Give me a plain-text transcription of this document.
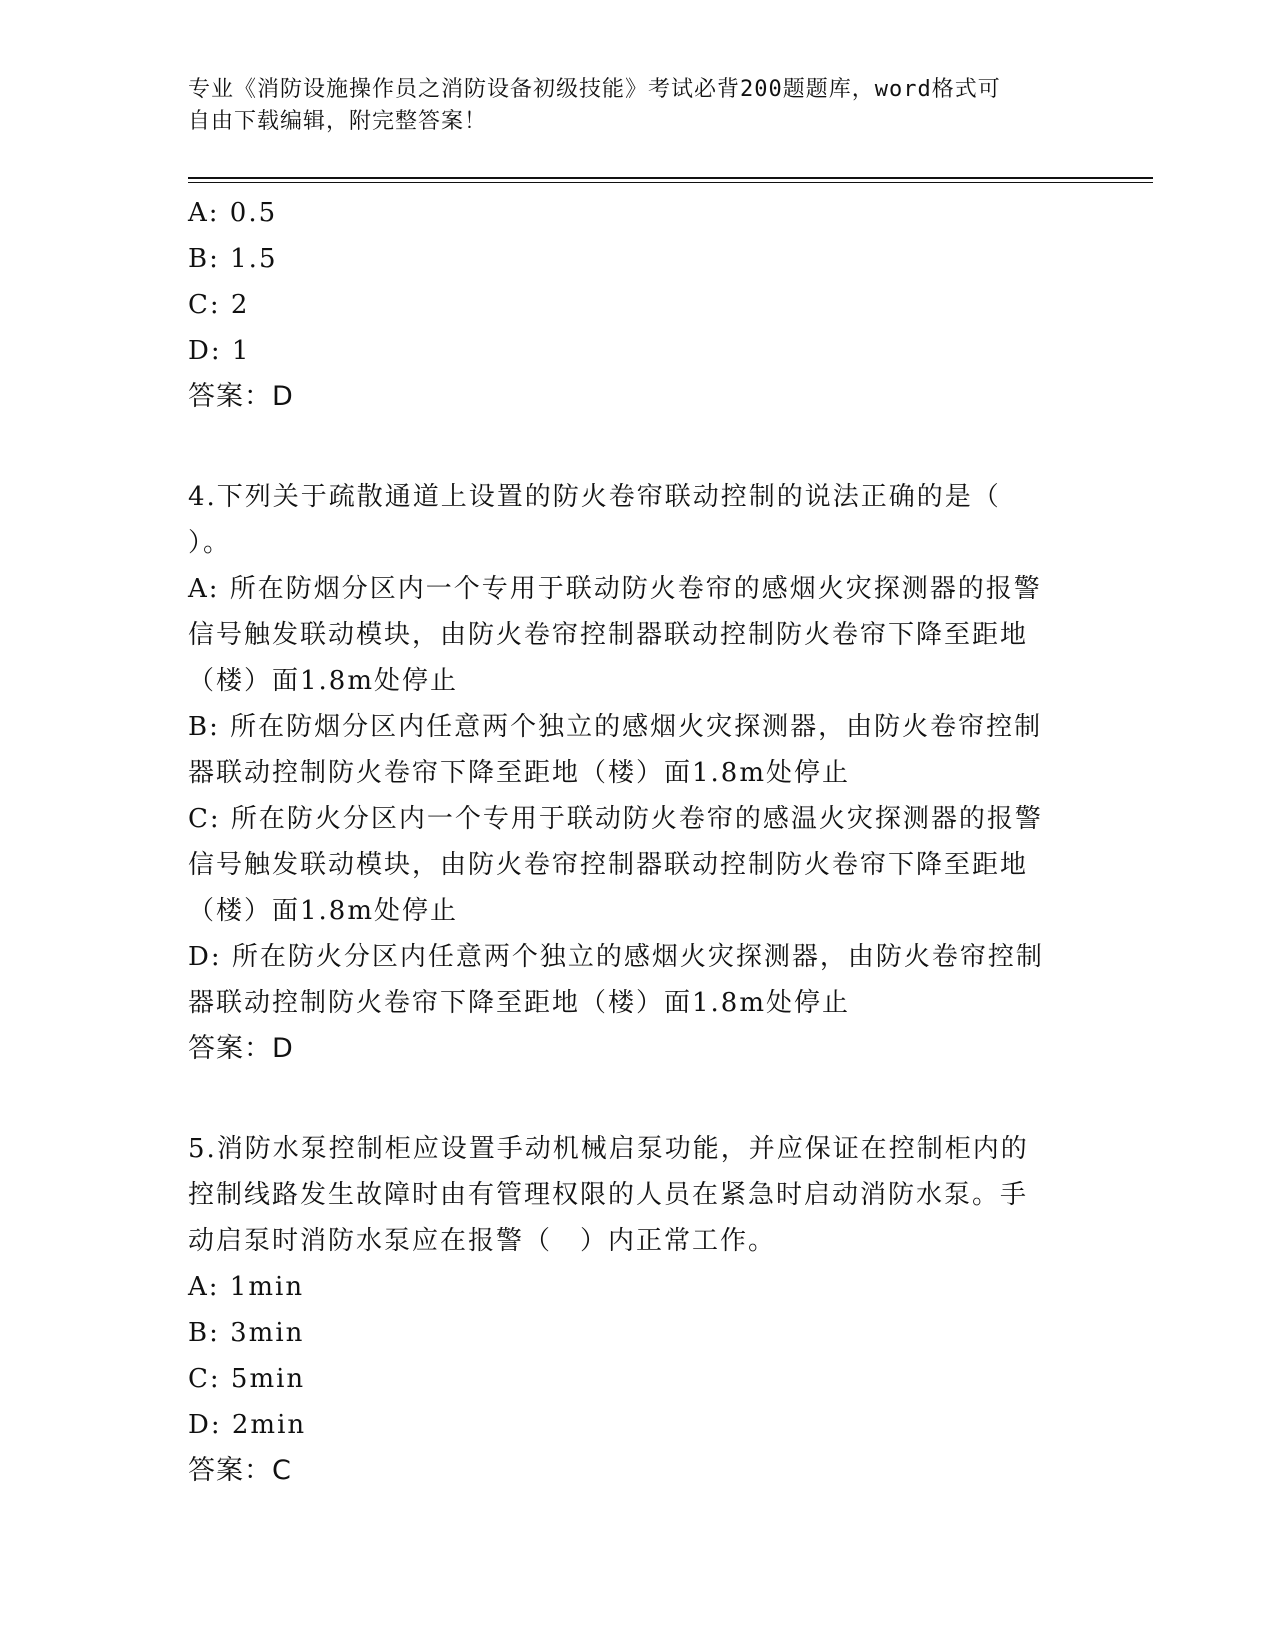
专业《消防设施操作员之消防设备初级技能》考试必背200题题库，word格式可
自由下载编辑，附完整答案！
A: 0.5
B: 1.5
C: 2
D: 1
答案：D
4.下列关于疏散通道上设置的防火卷帘联动控制的说法正确的是（
）。
A: 所在防烟分区内一个专用于联动防火卷帘的感烟火灾探测器的报警
信号触发联动模块，由防火卷帘控制器联动控制防火卷帘下降至距地
（楼）面1.8m处停止
B: 所在防烟分区内任意两个独立的感烟火灾探测器，由防火卷帘控制
器联动控制防火卷帘下降至距地（楼）面1.8m处停止
C: 所在防火分区内一个专用于联动防火卷帘的感温火灾探测器的报警
信号触发联动模块，由防火卷帘控制器联动控制防火卷帘下降至距地
（楼）面1.8m处停止
D: 所在防火分区内任意两个独立的感烟火灾探测器，由防火卷帘控制
器联动控制防火卷帘下降至距地（楼）面1.8m处停止
答案：D
5.消防水泵控制柜应设置手动机械启泵功能，并应保证在控制柜内的
控制线路发生故障时由有管理权限的人员在紧急时启动消防水泵。手
动启泵时消防水泵应在报警（　）内正常工作。
A: 1min
B: 3min
C: 5min
D: 2min
答案：C
